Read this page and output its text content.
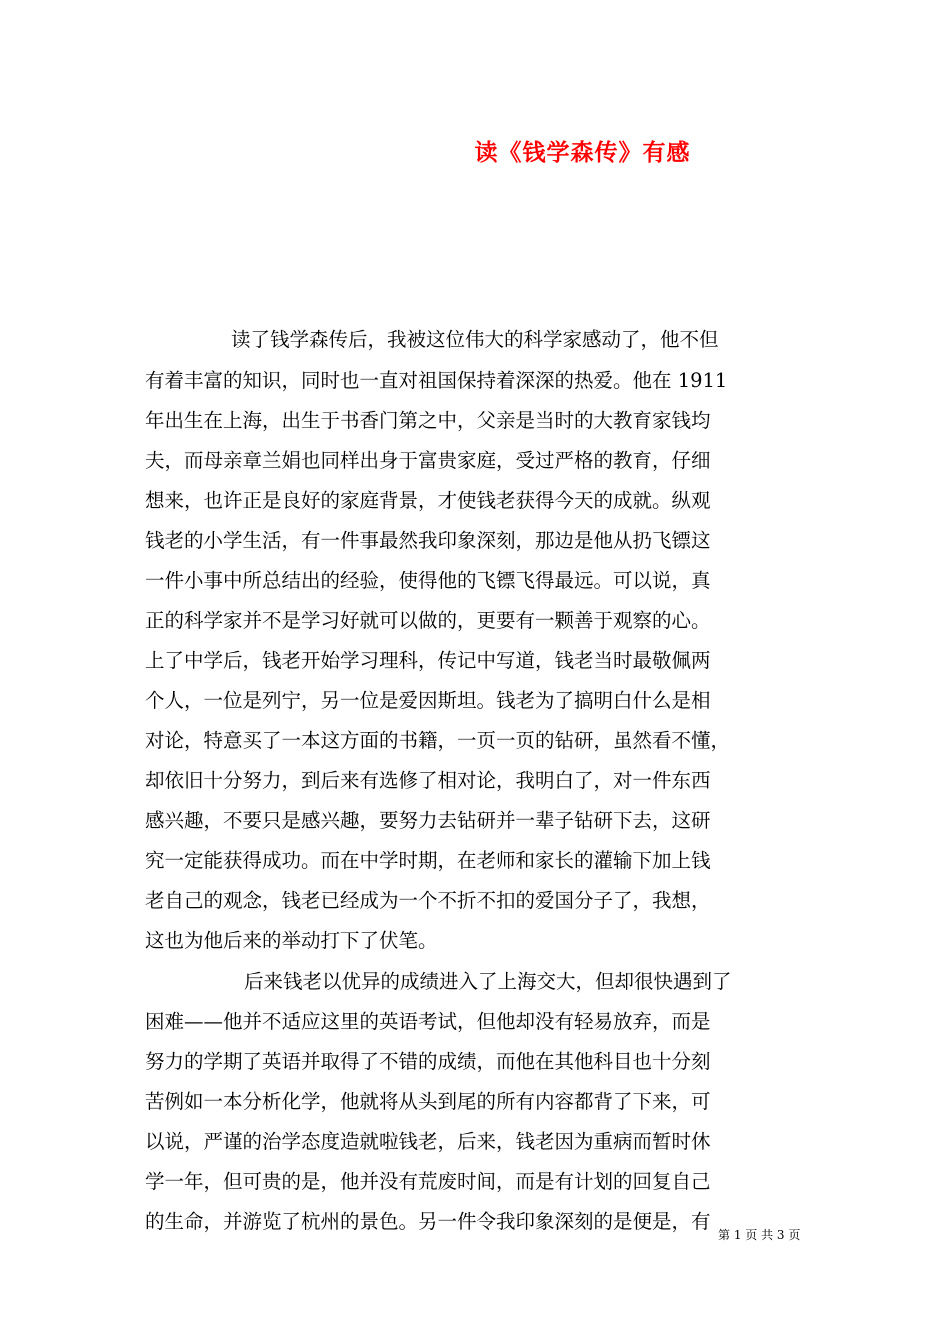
读《钱学森传》有感
读了钱学森传后，我被这位伟大的科学家感动了，他不但
有着丰富的知识，同时也一直对祖国保持着深深的热爱。他在 1911
年出生在上海，出生于书香门第之中，父亲是当时的大教育家钱均
夫，而母亲章兰娟也同样出身于富贵家庭，受过严格的教育，仔细
想来，也许正是良好的家庭背景，才使钱老获得今天的成就。纵观
钱老的小学生活，有一件事最然我印象深刻，那边是他从扔飞镖这
一件小事中所总结出的经验，使得他的飞镖飞得最远。可以说，真
正的科学家并不是学习好就可以做的，更要有一颗善于观察的心。
上了中学后，钱老开始学习理科，传记中写道，钱老当时最敬佩两
个人，一位是列宁，另一位是爱因斯坦。钱老为了搞明白什么是相
对论，特意买了一本这方面的书籍，一页一页的钻研，虽然看不懂，
却依旧十分努力，到后来有选修了相对论，我明白了，对一件东西
感兴趣，不要只是感兴趣，要努力去钻研并一辈子钻研下去，这研
究一定能获得成功。而在中学时期，在老师和家长的灌输下加上钱
老自己的观念，钱老已经成为一个不折不扣的爱国分子了，我想，
这也为他后来的举动打下了伏笔。
后来钱老以优异的成绩进入了上海交大，但却很快遇到了
困难——他并不适应这里的英语考试，但他却没有轻易放弃，而是
努力的学期了英语并取得了不错的成绩，而他在其他科目也十分刻
苦例如一本分析化学，他就将从头到尾的所有内容都背了下来，可
以说，严谨的治学态度造就啦钱老，后来，钱老因为重病而暂时休
学一年，但可贵的是，他并没有荒废时间，而是有计划的回复自己
的生命，并游览了杭州的景色。另一件令我印象深刻的是便是，有
第 1 页 共 3 页
